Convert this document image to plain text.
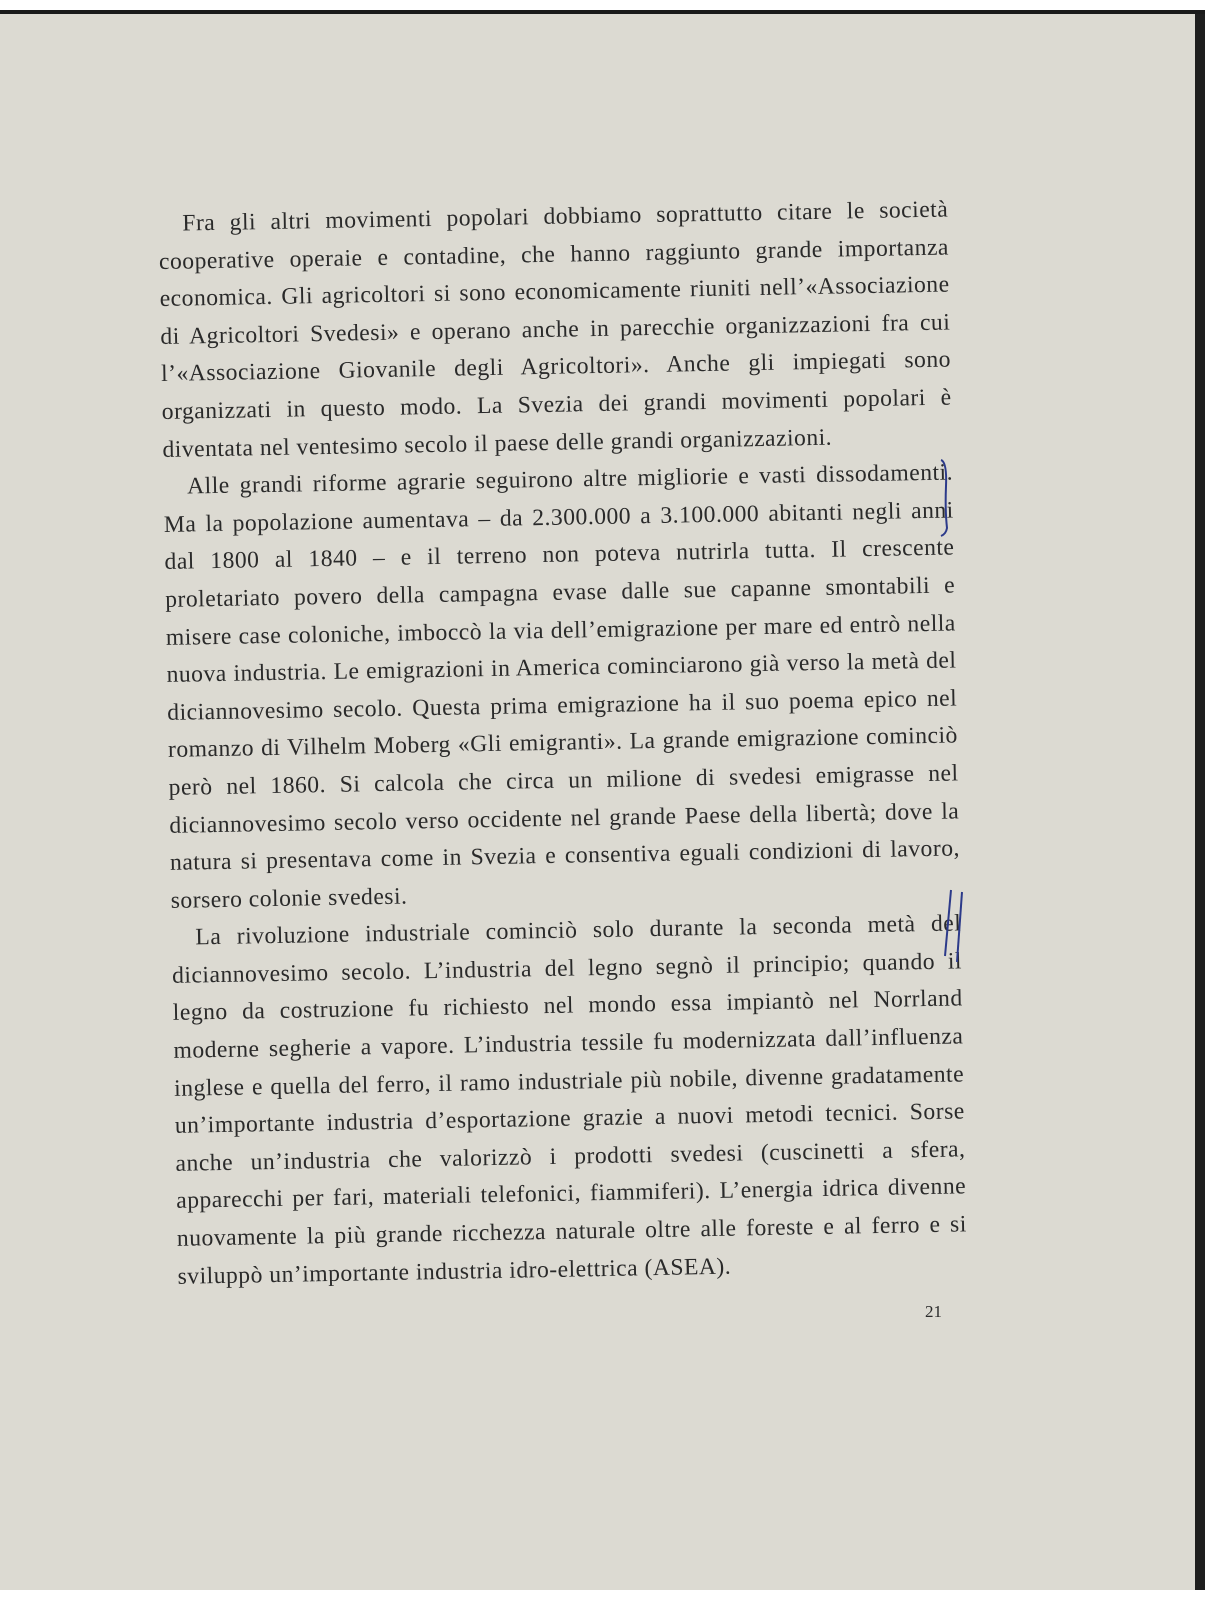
Fra gli altri movimenti popolari dobbiamo soprattutto citare le società cooperative operaie e contadine, che hanno raggiunto grande importanza economica. Gli agricoltori si sono economicamente riuniti nell’«Associazione di Agricoltori Svedesi» e operano anche in parecchie organizzazioni fra cui l’«Associazione Giovanile degli Agricoltori». Anche gli impiegati sono organizzati in questo modo. La Svezia dei grandi movimenti popolari è diventata nel ventesimo secolo il paese delle grandi organizzazioni.

Alle grandi riforme agrarie seguirono altre migliorie e vasti dissodamenti. Ma la popolazione aumentava – da 2.300.000 a 3.100.000 abitanti negli anni dal 1800 al 1840 – e il terreno non poteva nutrirla tutta. Il crescente proletariato povero della campagna evase dalle sue capanne smontabili e misere case coloniche, imboccò la via dell’emigrazione per mare ed entrò nella nuova industria. Le emigrazioni in America cominciarono già verso la metà del diciannovesimo secolo. Questa prima emigrazione ha il suo poema epico nel romanzo di Vilhelm Moberg «Gli emigranti». La grande emigrazione cominciò però nel 1860. Si calcola che circa un milione di svedesi emigrasse nel diciannovesimo secolo verso occidente nel grande Paese della libertà; dove la natura si presentava come in Svezia e consentiva eguali condizioni di lavoro, sorsero colonie svedesi.

La rivoluzione industriale cominciò solo durante la seconda metà del diciannovesimo secolo. L’industria del legno segnò il principio; quando il legno da costruzione fu richiesto nel mondo essa impiantò nel Norrland moderne segherie a vapore. L’industria tessile fu modernizzata dall’influenza inglese e quella del ferro, il ramo industriale più nobile, divenne gradatamente un’importante industria d’esportazione grazie a nuovi metodi tecnici. Sorse anche un’industria che valorizzò i prodotti svedesi (cuscinetti a sfera, apparecchi per fari, materiali telefonici, fiammiferi). L’energia idrica divenne nuovamente la più grande ricchezza naturale oltre alle foreste e al ferro e si sviluppò un’importante industria idro-elettrica (ASEA).

21
